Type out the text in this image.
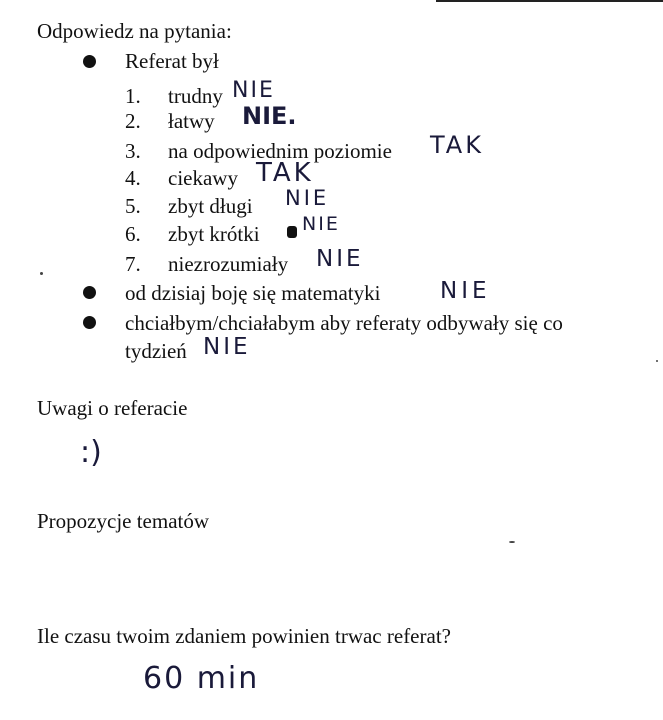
Odpowiedz na pytania:
Referat był
1. trudny NIE
2. łatwy NIE.
3. na odpowiednim poziomie TAK
4. ciekawy TAK
5. zbyt długi NIE
6. zbyt krótki NIE
7. niezrozumiały NIE
od dzisiaj boję się matematyki	NIE
chciałbym/chciałabym aby referaty odbywały się co
tydzień NIE
Uwagi o referacie
:)
Propozycje tematów
Ile czasu twoim zdaniem powinien trwac referat?
60 min
